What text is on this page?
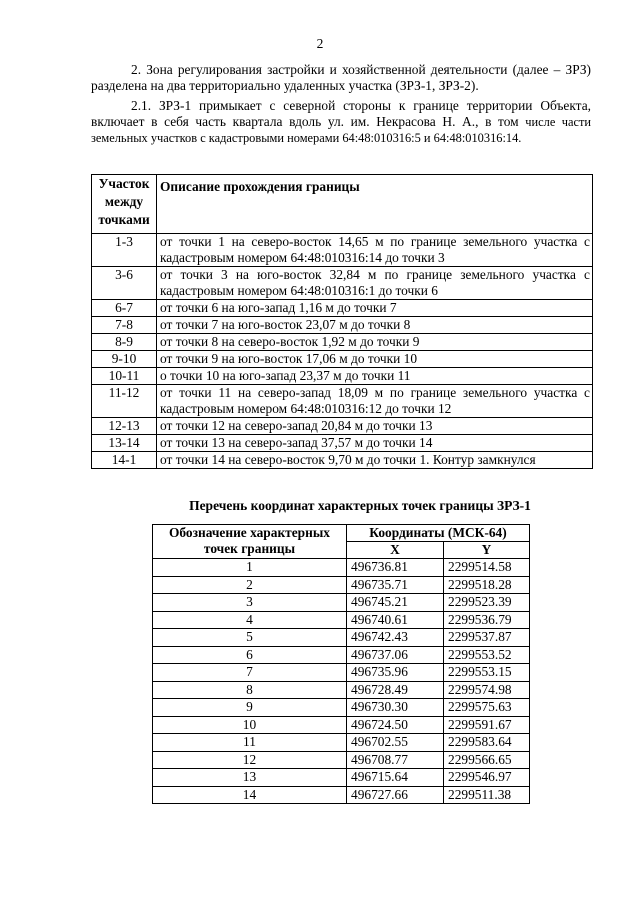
2
2. Зона регулирования застройки и хозяйственной деятельности (далее – ЗРЗ) разделена на два территориально удаленных участка (ЗРЗ-1, ЗРЗ-2).
2.1. ЗРЗ-1 примыкает с северной стороны к границе территории Объекта, включает в себя часть квартала вдоль ул. им. Некрасова Н. А., в том числе части земельных участков с кадастровыми номерами 64:48:010316:5 и 64:48:010316:14.
Участок между точками	Описание прохождения границы
1-3	от точки 1 на северо-восток 14,65 м по границе земельного участка с кадастровым номером 64:48:010316:14 до точки 3
3-6	от точки 3 на юго-восток 32,84 м по границе земельного участка с кадастровым номером 64:48:010316:1 до точки 6
6-7	от точки 6 на юго-запад 1,16 м до точки 7
7-8	от точки 7 на юго-восток 23,07 м до точки 8
8-9	от точки 8 на северо-восток 1,92 м до точки 9
9-10	от точки 9 на юго-восток 17,06 м до точки 10
10-11	о точки 10 на юго-запад 23,37 м до точки 11
11-12	от точки 11 на северо-запад 18,09 м по границе земельного участка с кадастровым номером 64:48:010316:12 до точки 12
12-13	от точки 12 на северо-запад 20,84 м до точки 13
13-14	от точки 13 на северо-запад 37,57 м до точки 14
14-1	от точки 14 на северо-восток 9,70 м до точки 1. Контур замкнулся
Перечень координат характерных точек границы ЗРЗ-1
Обозначение характерных точек границы	Координаты (МСК-64)	
	X	Y
1	496736.81	2299514.58
2	496735.71	2299518.28
3	496745.21	2299523.39
4	496740.61	2299536.79
5	496742.43	2299537.87
6	496737.06	2299553.52
7	496735.96	2299553.15
8	496728.49	2299574.98
9	496730.30	2299575.63
10	496724.50	2299591.67
11	496702.55	2299583.64
12	496708.77	2299566.65
13	496715.64	2299546.97
14	496727.66	2299511.38
